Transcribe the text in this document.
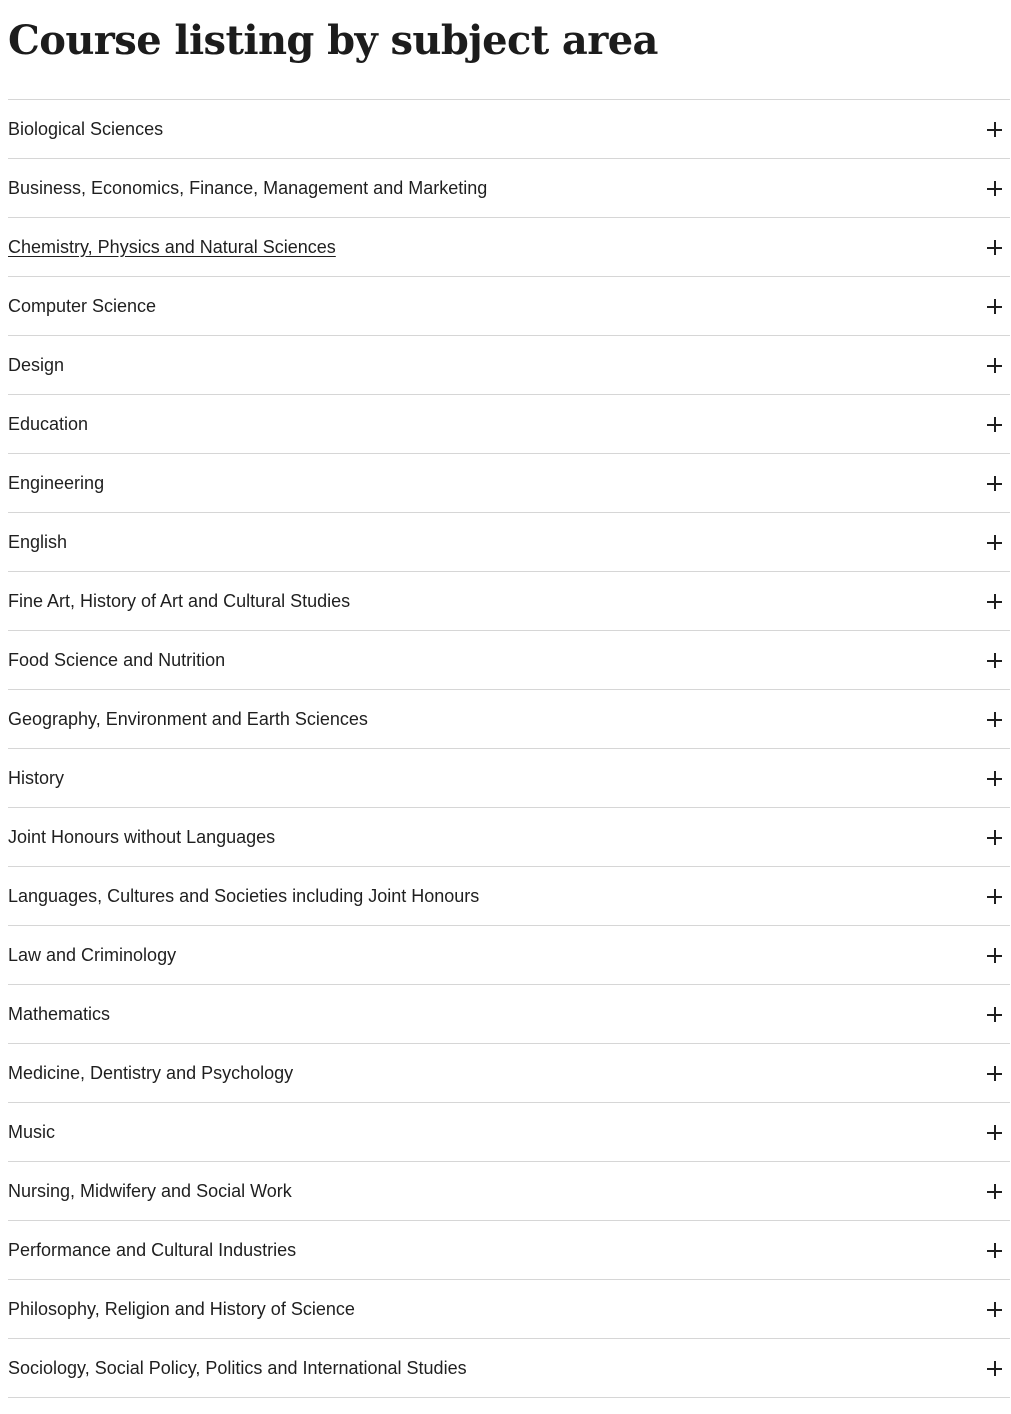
Course listing by subject area
Biological Sciences
Business, Economics, Finance, Management and Marketing
Chemistry, Physics and Natural Sciences
Computer Science
Design
Education
Engineering
English
Fine Art, History of Art and Cultural Studies
Food Science and Nutrition
Geography, Environment and Earth Sciences
History
Joint Honours without Languages
Languages, Cultures and Societies including Joint Honours
Law and Criminology
Mathematics
Medicine, Dentistry and Psychology
Music
Nursing, Midwifery and Social Work
Performance and Cultural Industries
Philosophy, Religion and History of Science
Sociology, Social Policy, Politics and International Studies
